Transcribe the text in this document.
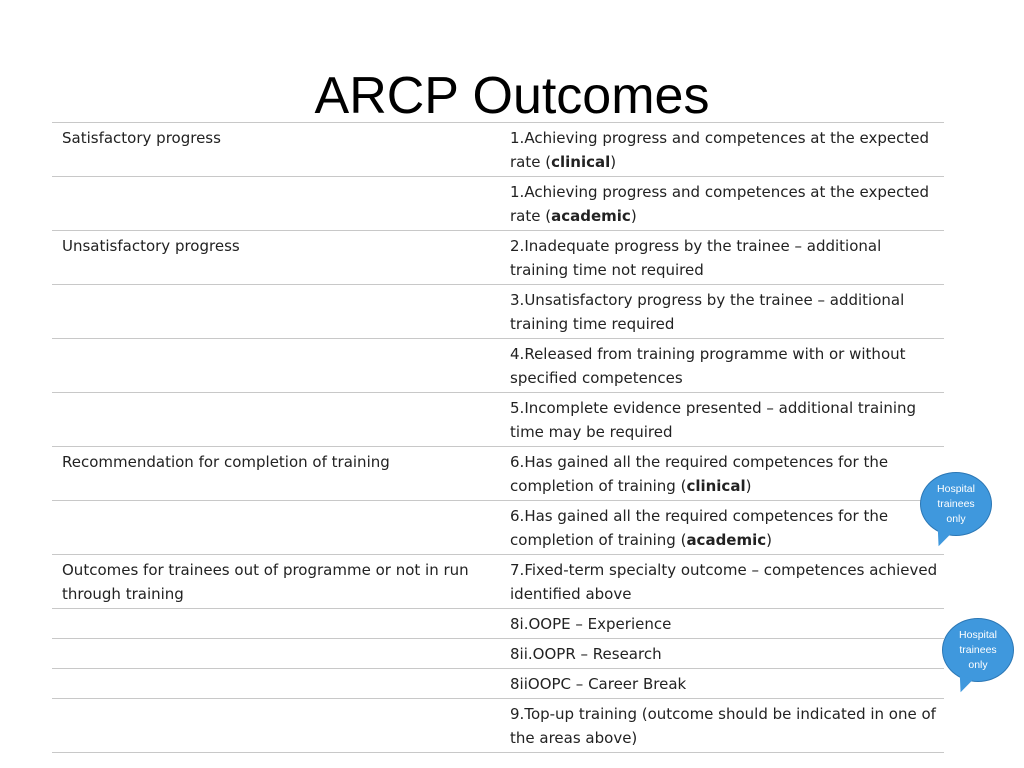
ARCP Outcomes
Satisfactory progress	1.Achieving progress and competences at the expected rate (clinical)
	1.Achieving progress and competences at the expected rate (academic)
Unsatisfactory progress	2.Inadequate progress by the trainee – additional training time not required
	3.Unsatisfactory progress by the trainee – additional training time required
	4.Released from training programme with or without specified competences
	5.Incomplete evidence presented – additional training time may be required
Recommendation for completion of training	6.Has gained all the required competences for the completion of training (clinical)
	6.Has gained all the required competences for the completion of training (academic)
Outcomes for trainees out of programme or not in run through training	7.Fixed-term specialty outcome – competences achieved identified above
	8i.OOPE – Experience
	8ii.OOPR – Research
	8iiOOPC – Career Break
	9.Top-up training (outcome should be indicated in one of the areas above)
Hospital trainees only
Hospital trainees only
